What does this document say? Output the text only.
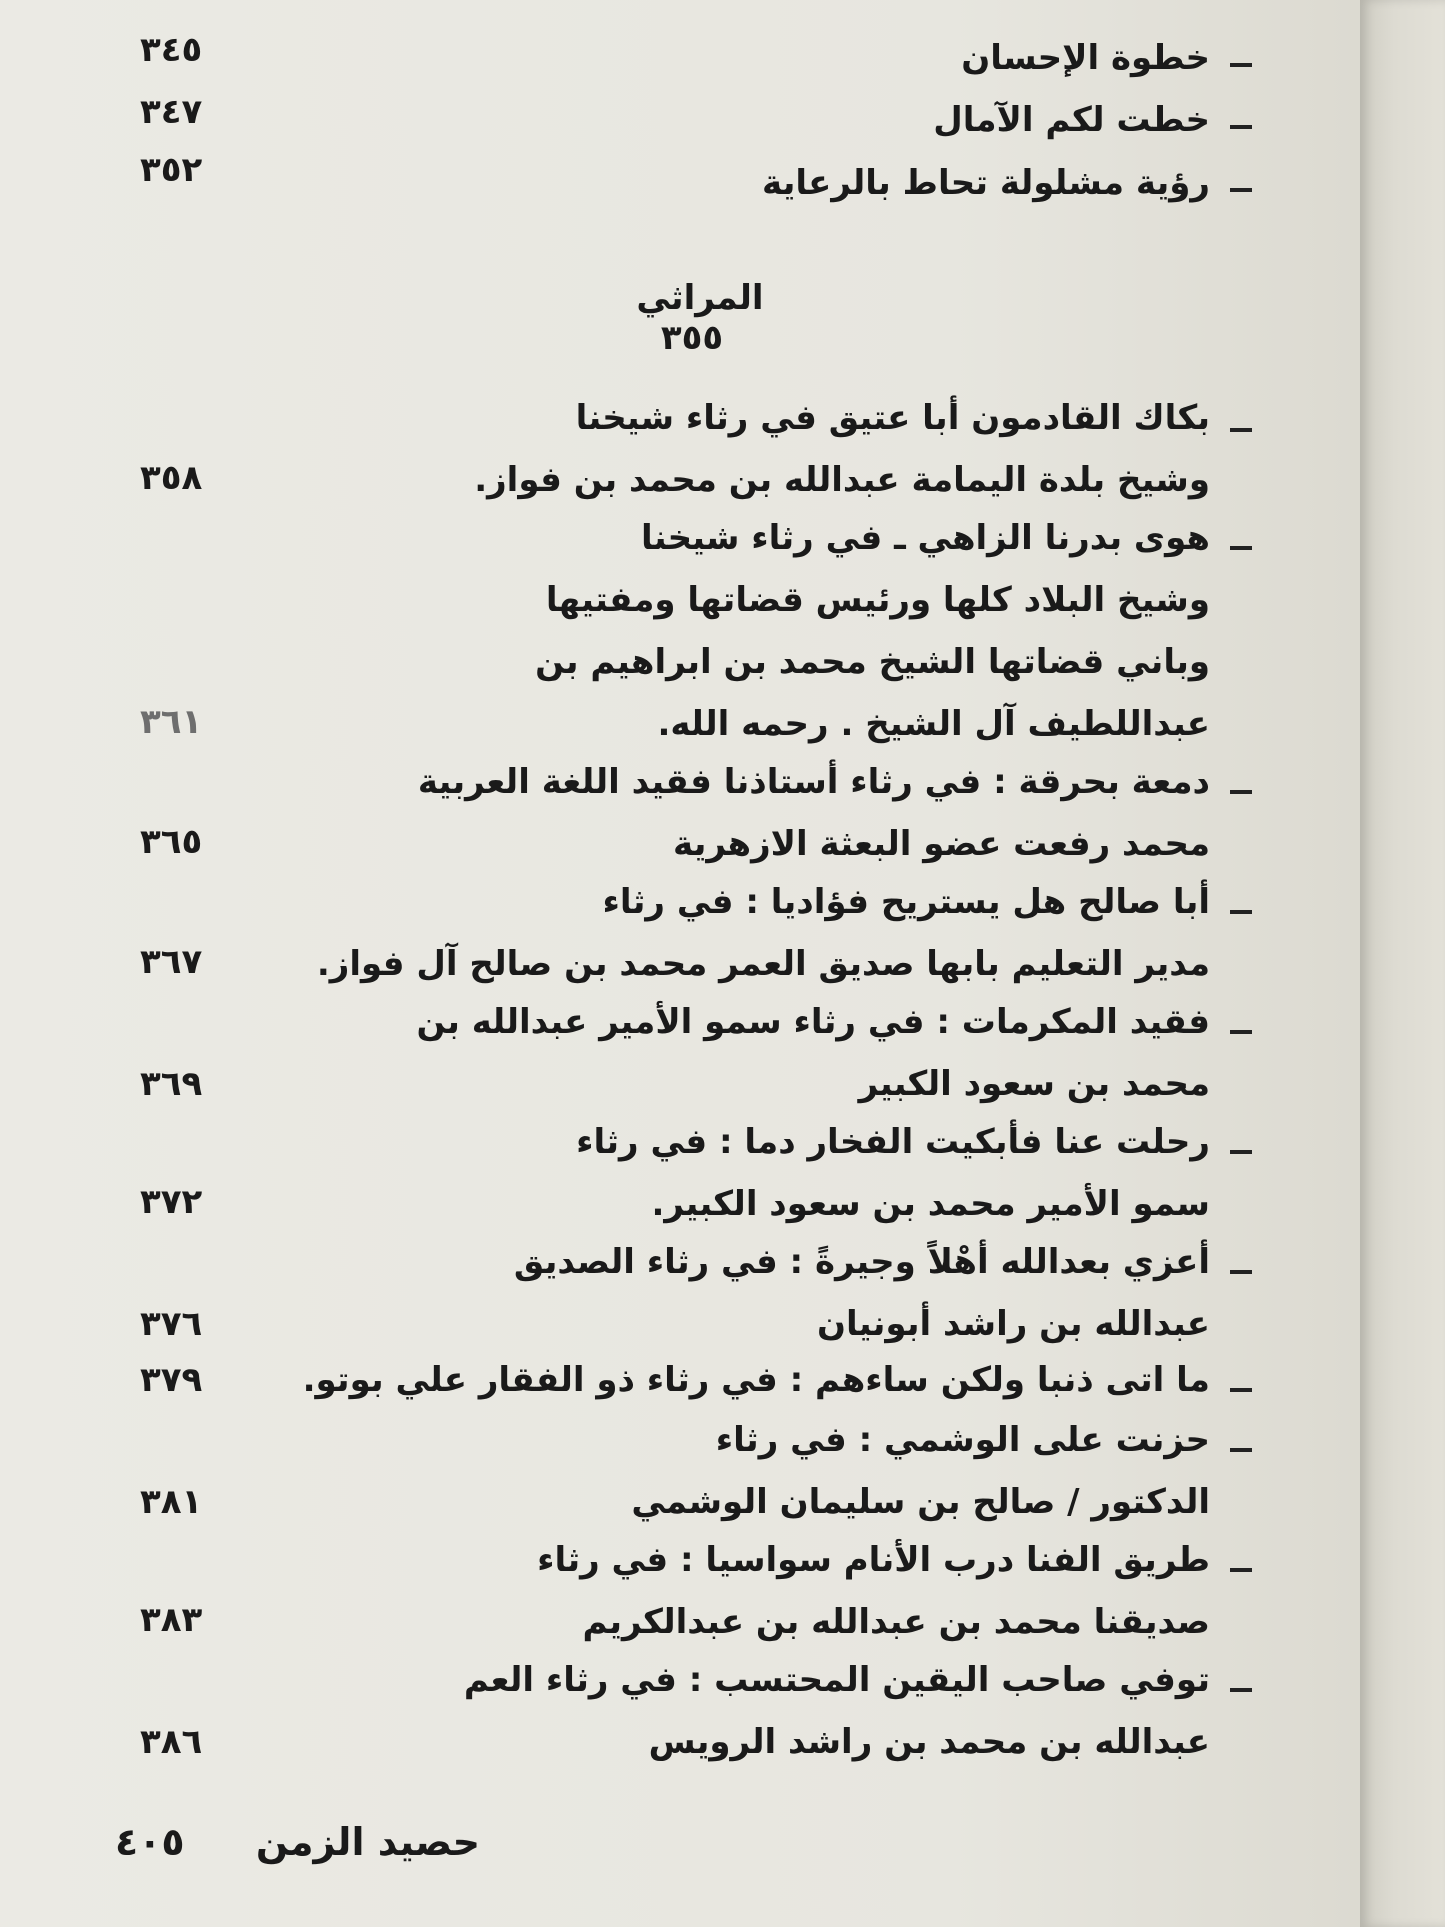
خطوة الإحسان
٣٤٥
خطت لكم الآمال
٣٤٧
رؤية مشلولة تحاط بالرعاية
٣٥٢
المراثي ٣٥٥
بكاك القادمون أبا عتيق في رثاء شيخنا
وشيخ بلدة اليمامة عبدالله بن محمد بن فواز.
٣٥٨
هوى بدرنا الزاهي ـ في رثاء شيخنا
وشيخ البلاد كلها ورئيس قضاتها ومفتيها
وباني قضاتها الشيخ محمد بن ابراهيم بن
عبداللطيف آل الشيخ . رحمه الله.
٣٦١
دمعة بحرقة : في رثاء أستاذنا فقيد اللغة العربية
محمد رفعت عضو البعثة الازهرية
٣٦٥
أبا صالح هل يستريح فؤاديا : في رثاء
مدير التعليم بابها صديق العمر محمد بن صالح آل فواز.
٣٦٧
فقيد المكرمات : في رثاء سمو الأمير عبدالله بن
محمد بن سعود الكبير
٣٦٩
رحلت عنا فأبكيت الفخار دما : في رثاء
سمو الأمير محمد بن سعود الكبير.
٣٧٢
أعزي بعدالله أهْلاً وجيرةً : في رثاء الصديق
عبدالله بن راشد أبونيان
٣٧٦
ما اتى ذنبا ولكن ساءهم : في رثاء ذو الفقار علي بوتو.
٣٧٩
حزنت على الوشمي : في رثاء
الدكتور / صالح بن سليمان الوشمي
٣٨١
طريق الفنا درب الأنام سواسيا : في رثاء
صديقنا محمد بن عبدالله بن عبدالكريم
٣٨٣
توفي صاحب اليقين المحتسب : في رثاء العم
عبدالله بن محمد بن راشد الرويس
٣٨٦
حصيد الزمن
٤٠٥
